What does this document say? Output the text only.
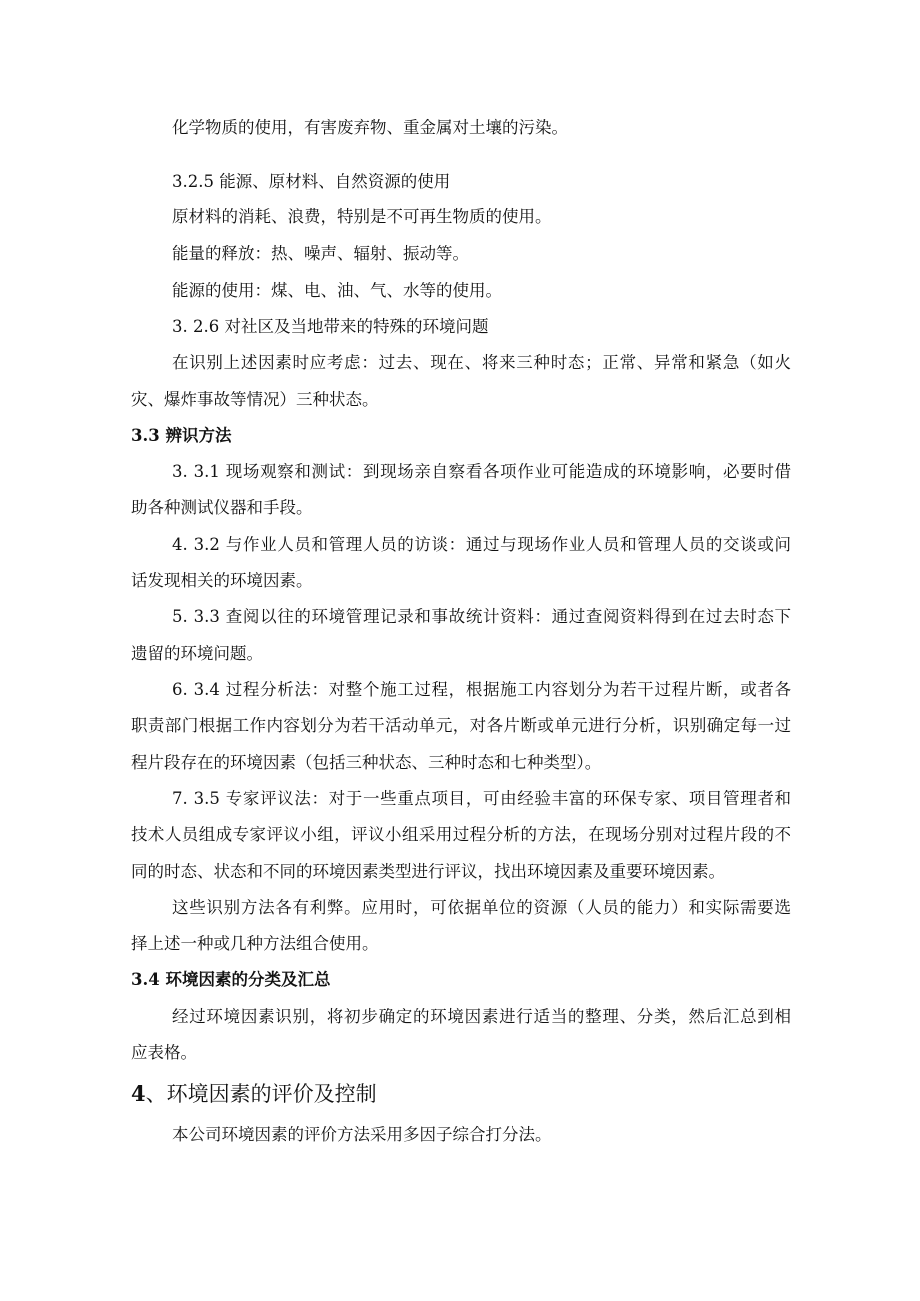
化学物质的使用，有害废弃物、重金属对土壤的污染。
3.2.5 能源、原材料、自然资源的使用
原材料的消耗、浪费，特别是不可再生物质的使用。
能量的释放：热、噪声、辐射、振动等。
能源的使用：煤、电、油、气、水等的使用。
3. 2.6 对社区及当地带来的特殊的环境问题
在识别上述因素时应考虑：过去、现在、将来三种时态；正常、异常和紧急（如火
灾、爆炸事故等情况）三种状态。
3.3 辨识方法
3. 3.1 现场观察和测试：到现场亲自察看各项作业可能造成的环境影响，必要时借
助各种测试仪器和手段。
4. 3.2 与作业人员和管理人员的访谈：通过与现场作业人员和管理人员的交谈或问
话发现相关的环境因素。
5. 3.3 查阅以往的环境管理记录和事故统计资料：通过查阅资料得到在过去时态下
遗留的环境问题。
6. 3.4 过程分析法：对整个施工过程，根据施工内容划分为若干过程片断，或者各
职责部门根据工作内容划分为若干活动单元，对各片断或单元进行分析，识别确定每一过
程片段存在的环境因素（包括三种状态、三种时态和七种类型）。
7. 3.5 专家评议法：对于一些重点项目，可由经验丰富的环保专家、项目管理者和
技术人员组成专家评议小组，评议小组采用过程分析的方法，在现场分别对过程片段的不
同的时态、状态和不同的环境因素类型进行评议，找出环境因素及重要环境因素。
这些识别方法各有利弊。应用时，可依据单位的资源（人员的能力）和实际需要选
择上述一种或几种方法组合使用。
3.4 环境因素的分类及汇总
经过环境因素识别，将初步确定的环境因素进行适当的整理、分类，然后汇总到相
应表格。
4、环境因素的评价及控制
本公司环境因素的评价方法采用多因子综合打分法。
